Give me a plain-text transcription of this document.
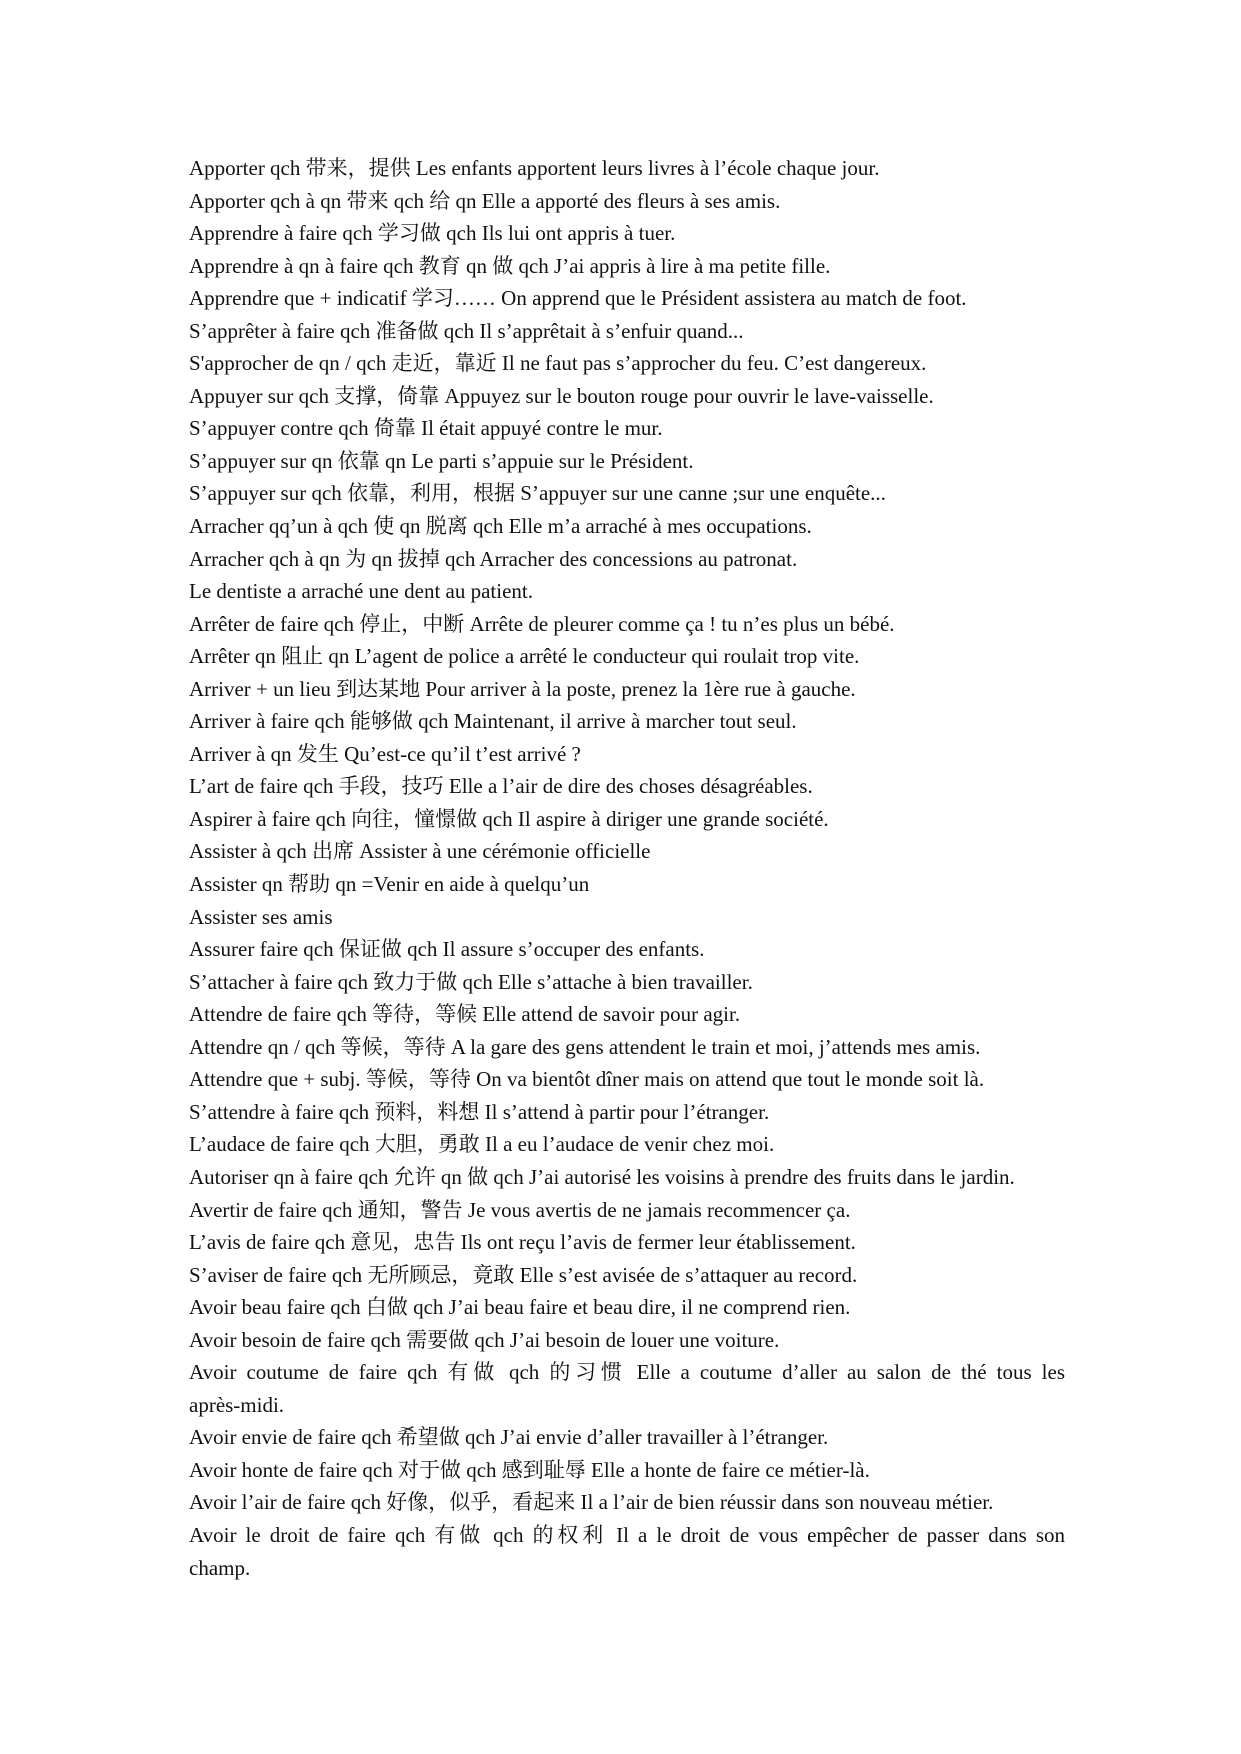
Apporter qch 带来，提供 Les enfants apportent leurs livres à l’école chaque jour.
Apporter qch à qn 带来 qch 给 qn Elle a apporté des fleurs à ses amis.
Apprendre à faire qch 学习做 qch Ils lui ont appris à tuer.
Apprendre à qn à faire qch 教育 qn 做 qch J’ai appris à lire à ma petite fille.
Apprendre que + indicatif 学习…… On apprend que le Président assistera au match de foot.
S’apprêter à faire qch 准备做 qch Il s’apprêtait à s’enfuir quand...
S'approcher de qn / qch 走近，靠近 Il ne faut pas s’approcher du feu. C’est dangereux.
Appuyer sur qch 支撑，倚靠 Appuyez sur le bouton rouge pour ouvrir le lave-vaisselle.
S’appuyer contre qch 倚靠 Il était appuyé contre le mur.
S’appuyer sur qn 依靠 qn Le parti s’appuie sur le Président.
S’appuyer sur qch 依靠，利用，根据 S’appuyer sur une canne ;sur une enquête...
Arracher qq’un à qch 使 qn 脱离 qch Elle m’a arraché à mes occupations.
Arracher qch à qn 为 qn 拔掉 qch Arracher des concessions au patronat.
Le dentiste a arraché une dent au patient.
Arrêter de faire qch 停止，中断 Arrête de pleurer comme ça ! tu n’es plus un bébé.
Arrêter qn 阻止 qn L’agent de police a arrêté le conducteur qui roulait trop vite.
Arriver + un lieu 到达某地 Pour arriver à la poste, prenez la 1ère rue à gauche.
Arriver à faire qch 能够做 qch Maintenant, il arrive à marcher tout seul.
Arriver à qn 发生 Qu’est-ce qu’il t’est arrivé ?
L’art de faire qch 手段，技巧 Elle a l’air de dire des choses désagréables.
Aspirer à faire qch 向往，憧憬做 qch Il aspire à diriger une grande société.
Assister à qch 出席 Assister à une cérémonie officielle
Assister qn 帮助 qn =Venir en aide à quelqu’un
Assister ses amis
Assurer faire qch 保证做 qch Il assure s’occuper des enfants.
S’attacher à faire qch 致力于做 qch Elle s’attache à bien travailler.
Attendre de faire qch 等待，等候 Elle attend de savoir pour agir.
Attendre qn / qch 等候，等待 A la gare des gens attendent le train et moi, j’attends mes amis.
Attendre que + subj. 等候，等待 On va bientôt dîner mais on attend que tout le monde soit là.
S’attendre à faire qch 预料，料想 Il s’attend à partir pour l’étranger.
L’audace de faire qch 大胆，勇敢 Il a eu l’audace de venir chez moi.
Autoriser qn à faire qch 允许 qn 做 qch J’ai autorisé les voisins à prendre des fruits dans le jardin.
Avertir de faire qch 通知，警告 Je vous avertis de ne jamais recommencer ça.
L’avis de faire qch 意见，忠告 Ils ont reçu l’avis de fermer leur établissement.
S’aviser de faire qch 无所顾忌，竟敢 Elle s’est avisée de s’attaquer au record.
Avoir beau faire qch 白做 qch J’ai beau faire et beau dire, il ne comprend rien.
Avoir besoin de faire qch 需要做 qch J’ai besoin de louer une voiture.
Avoir coutume de faire qch 有做 qch 的习惯 Elle a coutume d’aller au salon de thé tous les
après-midi.
Avoir envie de faire qch 希望做 qch J’ai envie d’aller travailler à l’étranger.
Avoir honte de faire qch 对于做 qch 感到耻辱 Elle a honte de faire ce métier-là.
Avoir l’air de faire qch 好像，似乎，看起来 Il a l’air de bien réussir dans son nouveau métier.
Avoir le droit de faire qch 有做 qch 的权利 Il a le droit de vous empêcher de passer dans son
champ.
